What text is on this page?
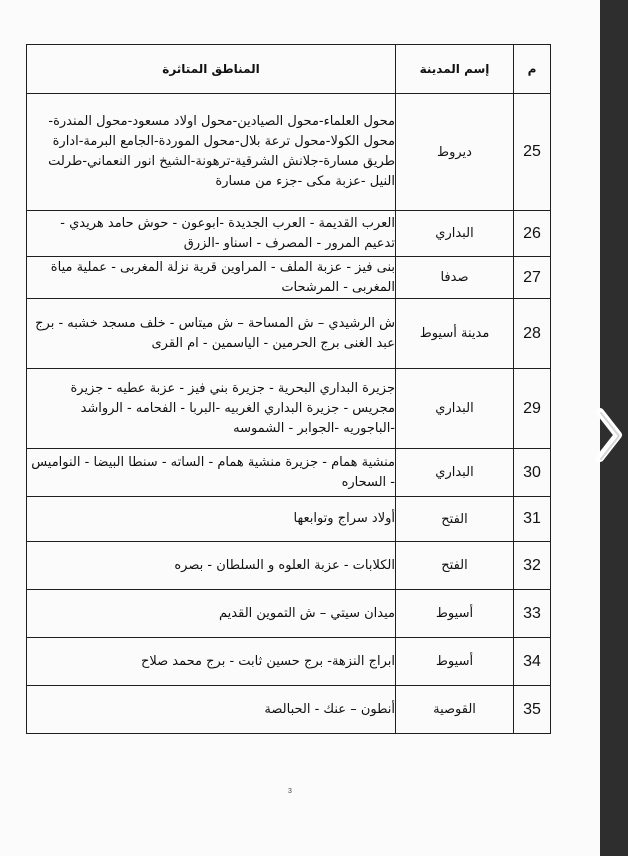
م	إسم المدينة	المناطق المتاثرة
25	ديروط	محول العلماء-محول الصيادين-محول اولاد مسعود-محول المندرة-محول الكولا-محول ترعة بلال-محول الموردة-الجامع البرمة-ادارة طريق مسارة-جلانش الشرقية-ترهونة-الشيخ انور النعماني-طرلت النيل -عزبة مكى -جزء من مسارة
26	البداري	العرب القديمة - العرب الجديدة -ابوعون - حوش حامد هريدي - تدعيم المرور - المصرف - اسناو -الزرق
27	صدفا	بنى فيز - عزبة الملف - المراوين قرية نزلة المغربى - عملية مياة المغربى - المرشحات
28	مدينة أسيوط	ش الرشيدي – ش المساحة – ش ميتاس - خلف مسجد خشبه - برج عبد الغنى برج الحرمين - الياسمين - ام القرى
29	البداري	جزيرة البداري البحرية - جزيرة بني فيز - عزبة عطيه - جزيرة مجريس - جزيرة البداري الغربيه -البربا - الفحامه - الرواشد -الباجوريه -الجوابر - الشموسه
30	البداري	منشية همام - جزيرة منشية همام - الساته - سنطا البيضا - النواميس - السحاره
31	الفتح	أولاد سراج وتوابعها
32	الفتح	الكلابات - عزبة العلوه و السلطان - بصره
33	أسيوط	ميدان سيتي – ش التموين القديم
34	أسيوط	ابراج النزهة- برج حسين ثابت - برج محمد صلاح
35	القوصية	أنطون – عنك - الحبالصة
3
